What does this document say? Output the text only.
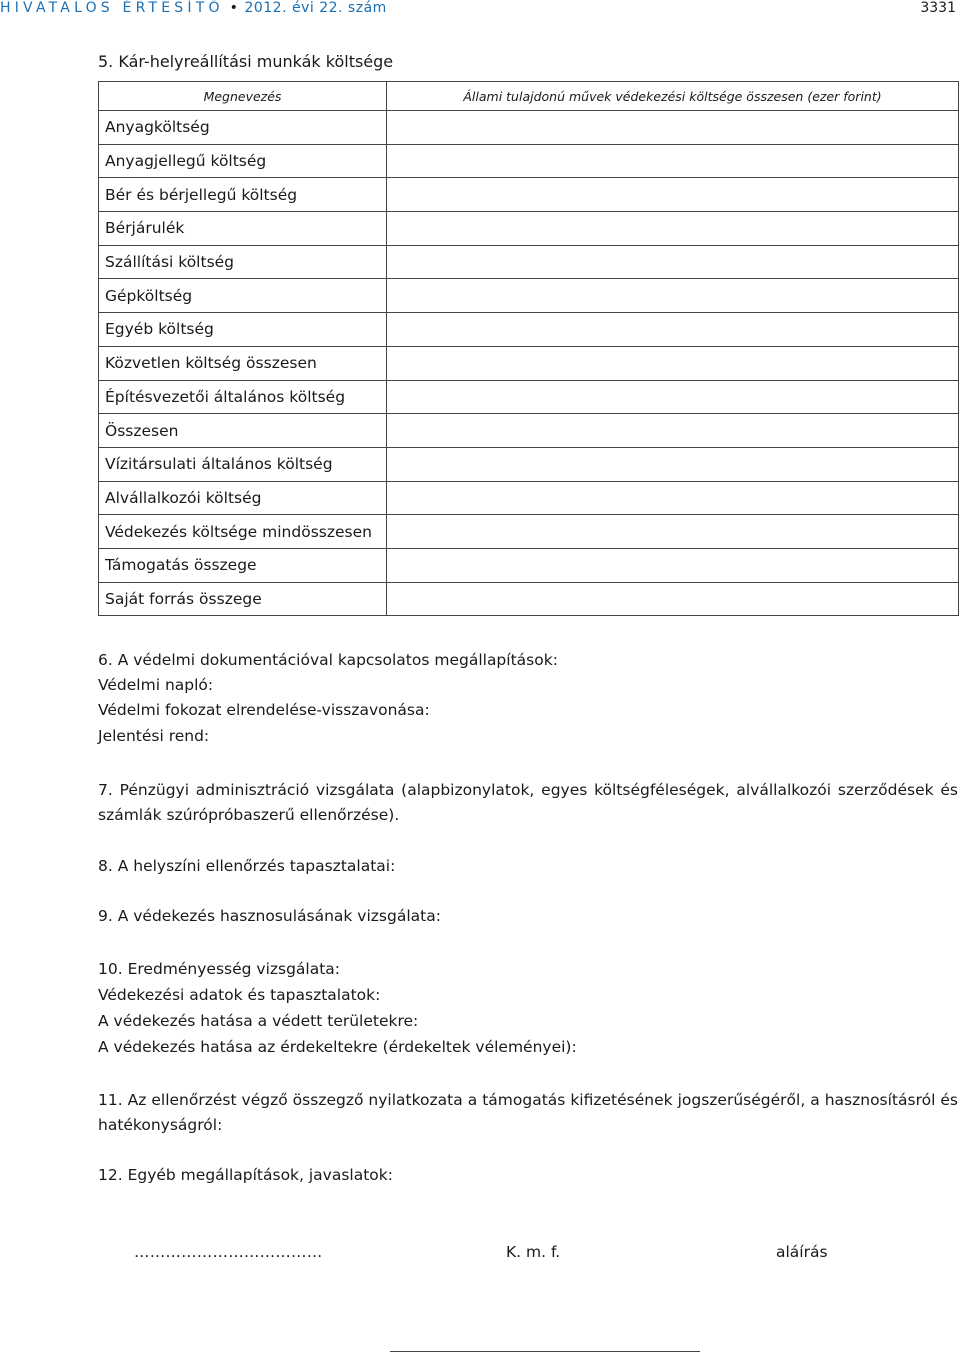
HIVATALOS ÉRTESÍTŐ • 2012. évi 22. szám	3331
5. Kár-helyreállítási munkák költsége
Megnevezés	Állami tulajdonú művek védekezési költsége összesen (ezer forint)
Anyagköltség	
Anyagjellegű költség	
Bér és bérjellegű költség	
Bérjárulék	
Szállítási költség	
Gépköltség	
Egyéb költség	
Közvetlen költség összesen	
Építésvezetői általános költség	
Összesen	
Vízitársulati általános költség	
Alvállalkozói költség	
Védekezés költsége mindösszesen	
Támogatás összege	
Saját forrás összege	
6. A védelmi dokumentációval kapcsolatos megállapítások:
Védelmi napló:
Védelmi fokozat elrendelése-visszavonása:
Jelentési rend:
7. Pénzügyi adminisztráció vizsgálata (alapbizonylatok, egyes költségféleségek, alvállalkozói szerződések és számlák szúrópróbaszerű ellenőrzése).
8. A helyszíni ellenőrzés tapasztalatai:
9. A védekezés hasznosulásának vizsgálata:
10. Eredményesség vizsgálata:
Védekezési adatok és tapasztalatok:
A védekezés hatása a védett területekre:
A védekezés hatása az érdekeltekre (érdekeltek véleményei):
11. Az ellenőrzést végző összegző nyilatkozata a támogatás kifizetésének jogszerűségéről, a hasznosításról és hatékonyságról:
12. Egyéb megállapítások, javaslatok:
………………………………	K. m. f.	aláírás
